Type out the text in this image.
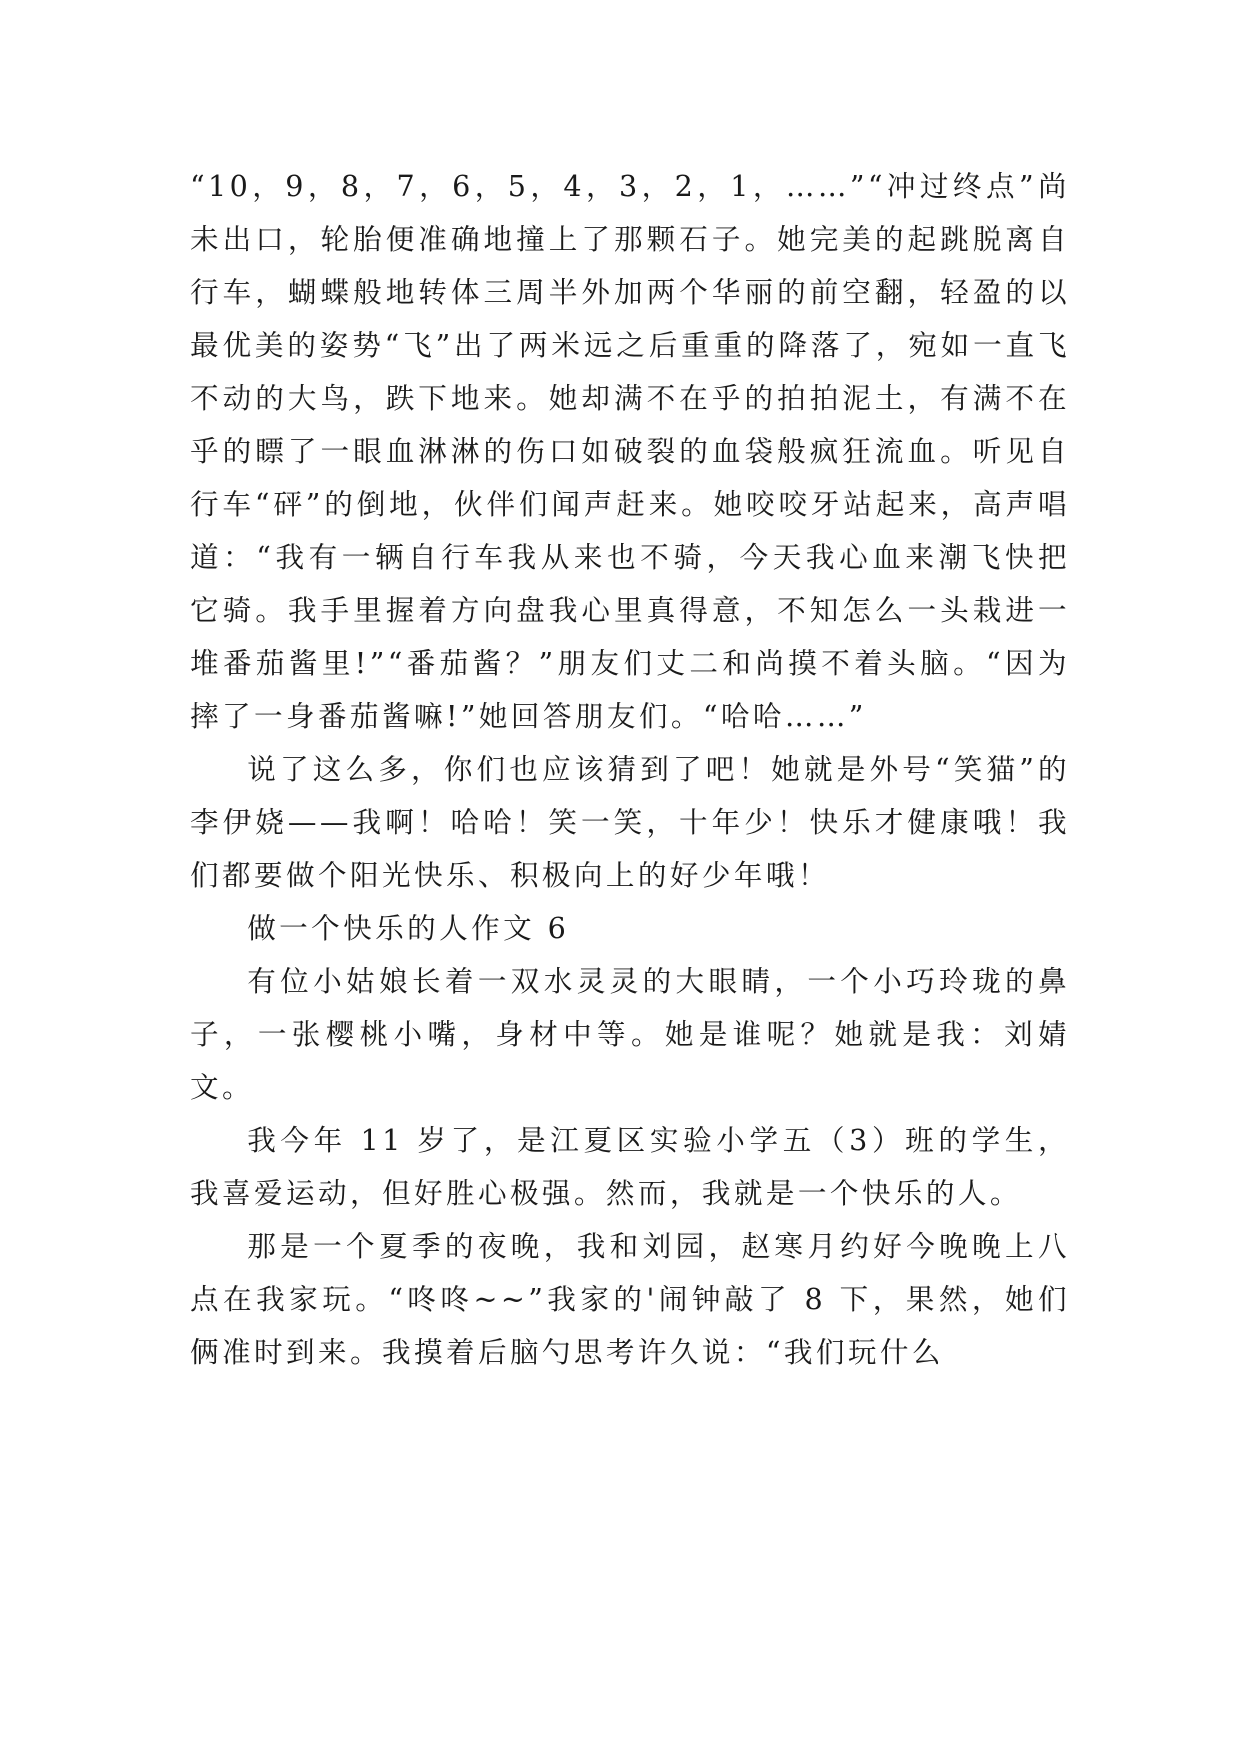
“10，9，8，7，6，5，4，3，2，1，……”“冲过终点”尚未出口，轮胎便准确地撞上了那颗石子。她完美的起跳脱离自行车，蝴蝶般地转体三周半外加两个华丽的前空翻，轻盈的以最优美的姿势“飞”出了两米远之后重重的降落了，宛如一直飞不动的大鸟，跌下地来。她却满不在乎的拍拍泥土，有满不在乎的瞟了一眼血淋淋的伤口如破裂的血袋般疯狂流血。听见自行车“砰”的倒地，伙伴们闻声赶来。她咬咬牙站起来，高声唱道：“我有一辆自行车我从来也不骑，今天我心血来潮飞快把它骑。我手里握着方向盘我心里真得意，不知怎么一头栽进一堆番茄酱里!”“番茄酱？”朋友们丈二和尚摸不着头脑。“因为摔了一身番茄酱嘛!”她回答朋友们。“哈哈……”

说了这么多，你们也应该猜到了吧！她就是外号“笑猫”的李伊娆——我啊！哈哈！笑一笑，十年少！快乐才健康哦！我们都要做个阳光快乐、积极向上的好少年哦！

做一个快乐的人作文 6

有位小姑娘长着一双水灵灵的大眼睛，一个小巧玲珑的鼻子，一张樱桃小嘴，身材中等。她是谁呢？她就是我：刘婧文。

我今年 11 岁了，是江夏区实验小学五（3）班的学生，我喜爱运动，但好胜心极强。然而，我就是一个快乐的人。

那是一个夏季的夜晚，我和刘园，赵寒月约好今晚晚上八点在我家玩。“咚咚~~”我家的'闹钟敲了 8 下，果然，她们俩准时到来。我摸着后脑勺思考许久说：“我们玩什么
